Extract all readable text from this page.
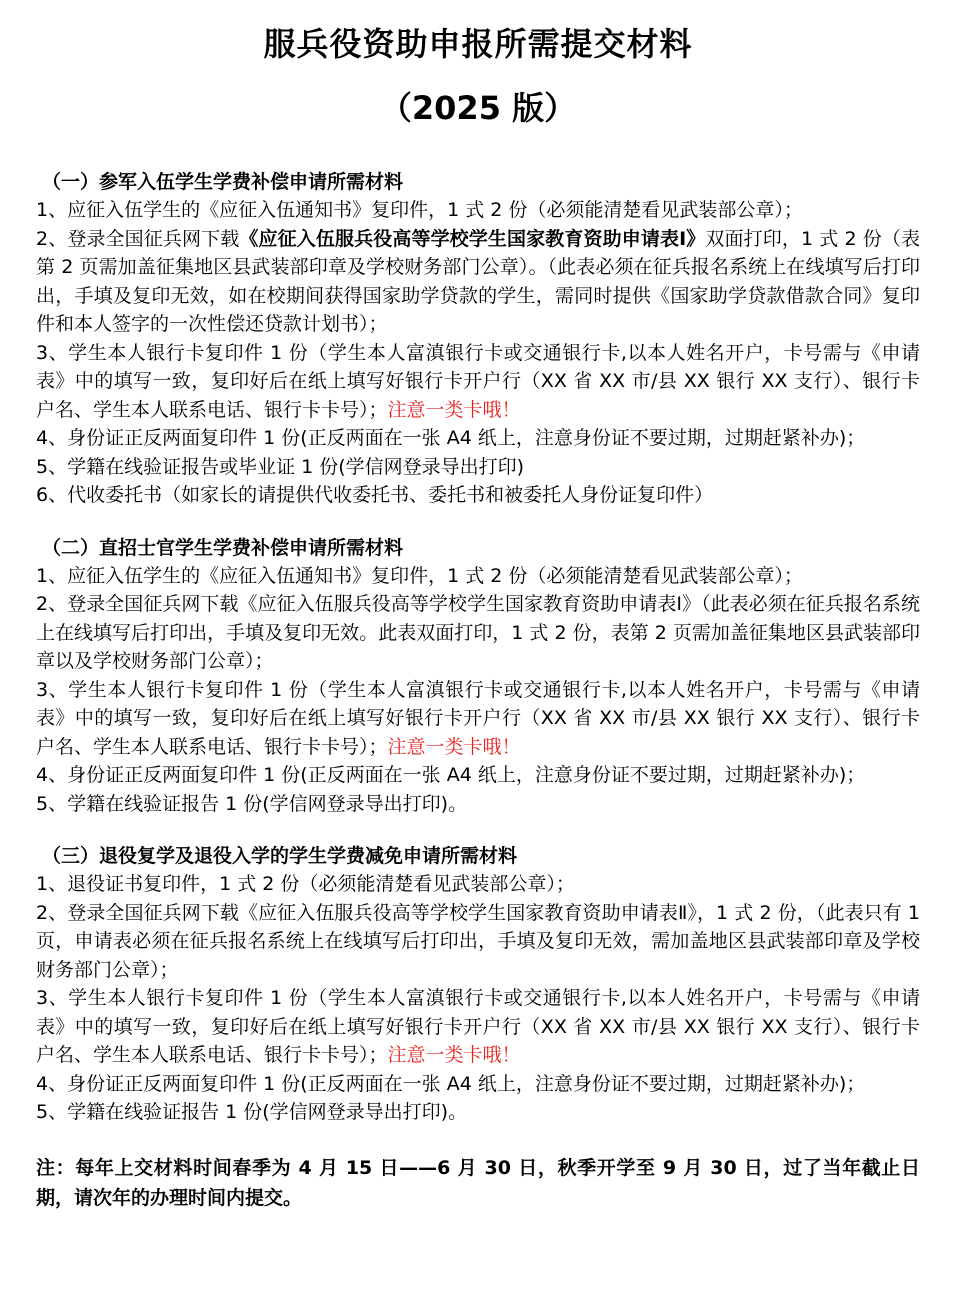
服兵役资助申报所需提交材料
（2025 版）

（一）参军入伍学生学费补偿申请所需材料

1、应征入伍学生的《应征入伍通知书》复印件，1 式 2 份（必须能清楚看见武装部公章）；

2、登录全国征兵网下载《应征入伍服兵役高等学校学生国家教育资助申请表Ⅰ》双面打印，1 式 2 份（表第 2 页需加盖征集地区县武装部印章及学校财务部门公章）。（此表必须在征兵报名系统上在线填写后打印出，手填及复印无效，如在校期间获得国家助学贷款的学生，需同时提供《国家助学贷款借款合同》复印件和本人签字的一次性偿还贷款计划书）；

3、学生本人银行卡复印件 1 份（学生本人富滇银行卡或交通银行卡,以本人姓名开户，卡号需与《申请表》中的填写一致，复印好后在纸上填写好银行卡开户行（XX 省 XX 市/县 XX 银行 XX 支行）、银行卡户名、学生本人联系电话、银行卡卡号）；注意一类卡哦！

4、身份证正反两面复印件 1 份(正反两面在一张 A4 纸上，注意身份证不要过期，过期赶紧补办)；

5、学籍在线验证报告或毕业证 1 份(学信网登录导出打印)

6、代收委托书（如家长的请提供代收委托书、委托书和被委托人身份证复印件）

（二）直招士官学生学费补偿申请所需材料

1、应征入伍学生的《应征入伍通知书》复印件，1 式 2 份（必须能清楚看见武装部公章）；

2、登录全国征兵网下载《应征入伍服兵役高等学校学生国家教育资助申请表Ⅰ》（此表必须在征兵报名系统上在线填写后打印出，手填及复印无效。此表双面打印，1 式 2 份，表第 2 页需加盖征集地区县武装部印章以及学校财务部门公章）；

3、学生本人银行卡复印件 1 份（学生本人富滇银行卡或交通银行卡,以本人姓名开户，卡号需与《申请表》中的填写一致，复印好后在纸上填写好银行卡开户行（XX 省 XX 市/县 XX 银行 XX 支行）、银行卡户名、学生本人联系电话、银行卡卡号）；注意一类卡哦！

4、身份证正反两面复印件 1 份(正反两面在一张 A4 纸上，注意身份证不要过期，过期赶紧补办)；

5、学籍在线验证报告 1 份(学信网登录导出打印)。

（三）退役复学及退役入学的学生学费减免申请所需材料

1、退役证书复印件，1 式 2 份（必须能清楚看见武装部公章）；

2、登录全国征兵网下载《应征入伍服兵役高等学校学生国家教育资助申请表Ⅱ》，1 式 2 份，（此表只有 1 页，申请表必须在征兵报名系统上在线填写后打印出，手填及复印无效，需加盖地区县武装部印章及学校财务部门公章）；

3、学生本人银行卡复印件 1 份（学生本人富滇银行卡或交通银行卡,以本人姓名开户，卡号需与《申请表》中的填写一致，复印好后在纸上填写好银行卡开户行（XX 省 XX 市/县 XX 银行 XX 支行）、银行卡户名、学生本人联系电话、银行卡卡号）；注意一类卡哦！

4、身份证正反两面复印件 1 份(正反两面在一张 A4 纸上，注意身份证不要过期，过期赶紧补办)；

5、学籍在线验证报告 1 份(学信网登录导出打印)。

注：每年上交材料时间春季为 4 月 15 日——6 月 30 日，秋季开学至 9 月 30 日，过了当年截止日期，请次年的办理时间内提交。
